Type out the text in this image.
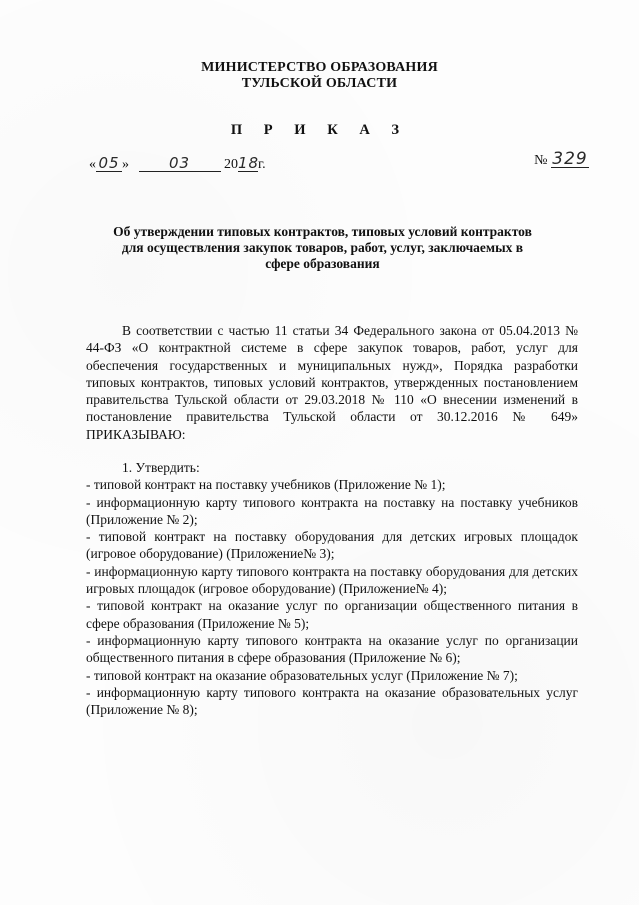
МИНИСТЕРСТВО ОБРАЗОВАНИЯ
ТУЛЬСКОЙ ОБЛАСТИ
П Р И К А З
« 05 »	03 2018г.	№ 329
Об утверждении типовых контрактов, типовых условий контрактов
для осуществления закупок товаров, работ, услуг, заключаемых в
сфере образования
В соответствии с частью 11 статьи 34 Федерального закона от 05.04.2013 № 44-ФЗ «О контрактной системе в сфере закупок товаров, работ, услуг для обеспечения государственных и муниципальных нужд», Порядка разработки типовых контрактов, типовых условий контрактов, утвержденных постановлением правительства Тульской области от 29.03.2018 № 110 «О внесении изменений в постановление правительства Тульской области от 30.12.2016 № 649» ПРИКАЗЫВАЮ:
1. Утвердить:
- типовой контракт на поставку учебников (Приложение № 1);
- информационную карту типового контракта на поставку на поставку учебников (Приложение № 2);
- типовой контракт на поставку оборудования для детских игровых площадок (игровое оборудование) (Приложение№ 3);
- информационную карту типового контракта на поставку оборудования для детских игровых площадок (игровое оборудование) (Приложение№ 4);
- типовой контракт на оказание услуг по организации общественного питания в сфере образования (Приложение № 5);
- информационную карту типового контракта на оказание услуг по организации общественного питания в сфере образования (Приложение № 6);
- типовой контракт на оказание образовательных услуг (Приложение № 7);
- информационную карту типового контракта на оказание образовательных услуг (Приложение № 8);
